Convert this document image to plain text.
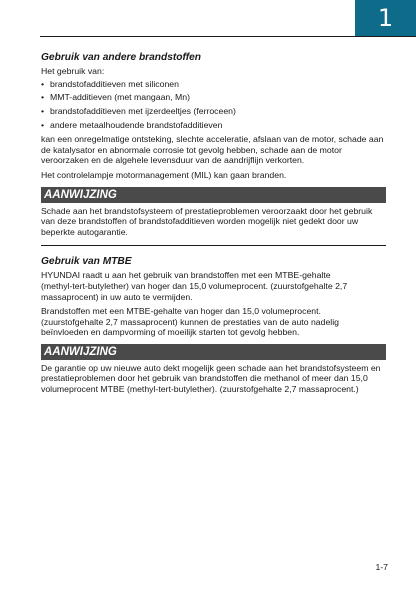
1
Gebruik van andere brandstoffen

Het gebruik van:

• brandstofadditieven met siliconen
• MMT-additieven (met mangaan, Mn)
• brandstofadditieven met ijzerdeeltjes (ferroceen)
• andere metaalhoudende brandstofadditieven

kan een onregelmatige ontsteking, slechte acceleratie, afslaan van de motor, schade aan
de katalysator en abnormale corrosie tot gevolg hebben, schade aan de motor
veroorzaken en de algehele levensduur van de aandrijflijn verkorten.

Het controlelampje motormanagement (MIL) kan gaan branden.

AANWIJZING

Schade aan het brandstofsysteem of prestatieproblemen veroorzaakt door het gebruik
van deze brandstoffen of brandstofadditieven worden mogelijk niet gedekt door uw
beperkte autogarantie.

Gebruik van MTBE

HYUNDAI raadt u aan het gebruik van brandstoffen met een MTBE-gehalte
(methyl-tert-butylether) van hoger dan 15,0 volumeprocent. (zuurstofgehalte 2,7
massaprocent) in uw auto te vermijden.

Brandstoffen met een MTBE-gehalte van hoger dan 15,0 volumeprocent.
(zuurstofgehalte 2,7 massaprocent) kunnen de prestaties van de auto nadelig
beïnvloeden en dampvorming of moeilijk starten tot gevolg hebben.

AANWIJZING

De garantie op uw nieuwe auto dekt mogelijk geen schade aan het brandstofsysteem en
prestatieproblemen door het gebruik van brandstoffen die methanol of meer dan 15,0
volumeprocent MTBE (methyl-tert-butylether). (zuurstofgehalte 2,7 massaprocent.)

1-7
